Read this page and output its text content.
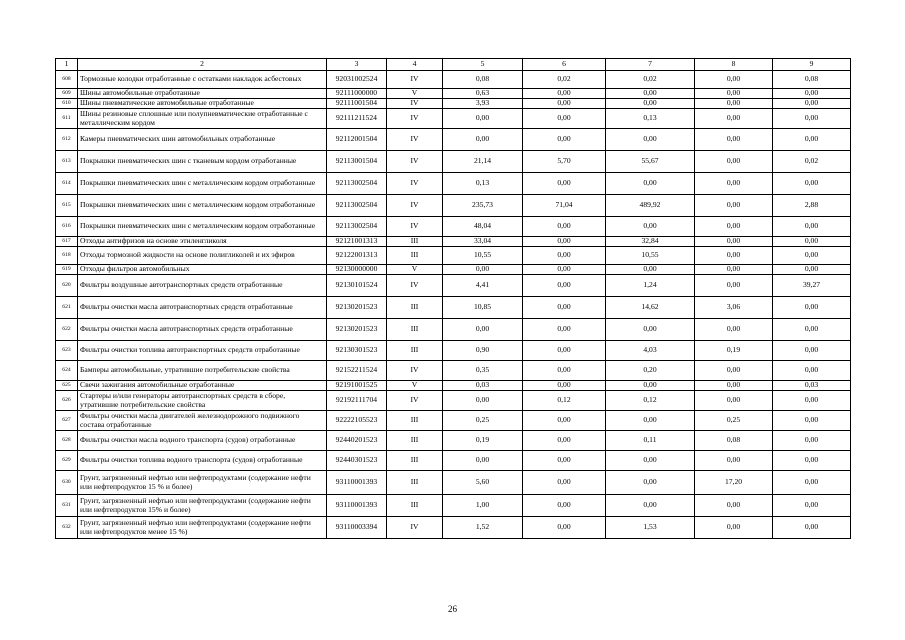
1	2	3	4	5	6	7	8	9
608	Тормозные колодки отработанные с остатками накладок асбестовых	92031002524	IV	0,08	0,02	0,02	0,00	0,08
609	Шины автомобильные отработанные	92111000000	V	0,63	0,00	0,00	0,00	0,00
610	Шины пневматические автомобильные отработанные	92111001504	IV	3,93	0,00	0,00	0,00	0,00
611	Шины резиновые сплошные или полупневматические отработанные с металлическим кордом	92111211524	IV	0,00	0,00	0,13	0,00	0,00
612	Камеры пневматических шин автомобильных отработанные	92112001504	IV	0,00	0,00	0,00	0,00	0,00
613	Покрышки пневматических шин с тканевым кордом отработанные	92113001504	IV	21,14	5,70	55,67	0,00	0,02
614	Покрышки пневматических шин с металлическим кордом отработанные	92113002504	IV	0,13	0,00	0,00	0,00	0,00
615	Покрышки пневматических шин с металлическим кордом отработанные	92113002504	IV	235,73	71,04	489,92	0,00	2,88
616	Покрышки пневматических шин с металлическим кордом отработанные	92113002504	IV	48,04	0,00	0,00	0,00	0,00
617	Отходы антифризов на основе этиленгликоля	92121001313	III	33,04	0,00	32,84	0,00	0,00
618	Отходы тормозной жидкости на основе полигликолей и их эфиров	92122001313	III	10,55	0,00	10,55	0,00	0,00
619	Отходы фильтров автомобильных	92130000000	V	0,00	0,00	0,00	0,00	0,00
620	Фильтры воздушные автотранспортных средств отработанные	92130101524	IV	4,41	0,00	1,24	0,00	39,27
621	Фильтры очистки масла автотранспортных средств отработанные	92130201523	III	10,85	0,00	14,62	3,06	0,00
622	Фильтры очистки масла автотранспортных средств отработанные	92130201523	III	0,00	0,00	0,00	0,00	0,00
623	Фильтры очистки топлива автотранспортных средств отработанные	92130301523	III	0,90	0,00	4,03	0,19	0,00
624	Бамперы автомобильные, утратившие потребительские свойства	92152211524	IV	0,35	0,00	0,20	0,00	0,00
625	Свечи зажигания автомобильные отработанные	92191001525	V	0,03	0,00	0,00	0,00	0,03
626	Стартеры и/или генераторы автотранспортных средств в сборе, утратившие потребительские свойства	92192111704	IV	0,00	0,12	0,12	0,00	0,00
627	Фильтры очистки масла двигателей железнодорожного подвижного состава отработанные	92222105523	III	0,25	0,00	0,00	0,25	0,00
628	Фильтры очистки масла водного транспорта (судов) отработанные	92440201523	III	0,19	0,00	0,11	0,08	0,00
629	Фильтры очистки топлива водного транспорта (судов) отработанные	92440301523	III	0,00	0,00	0,00	0,00	0,00
630	Грунт, загрязненный нефтью или нефтепродуктами (содержание нефти или нефтепродуктов 15 % и более)	93110001393	III	5,60	0,00	0,00	17,20	0,00
631	Грунт, загрязненный нефтью или нефтепродуктами (содержание нефти или нефтепродуктов 15% и более)	93110001393	III	1,00	0,00	0,00	0,00	0,00
632	Грунт, загрязненный нефтью или нефтепродуктами (содержание нефти или нефтепродуктов менее 15 %)	93110003394	IV	1,52	0,00	1,53	0,00	0,00
26
